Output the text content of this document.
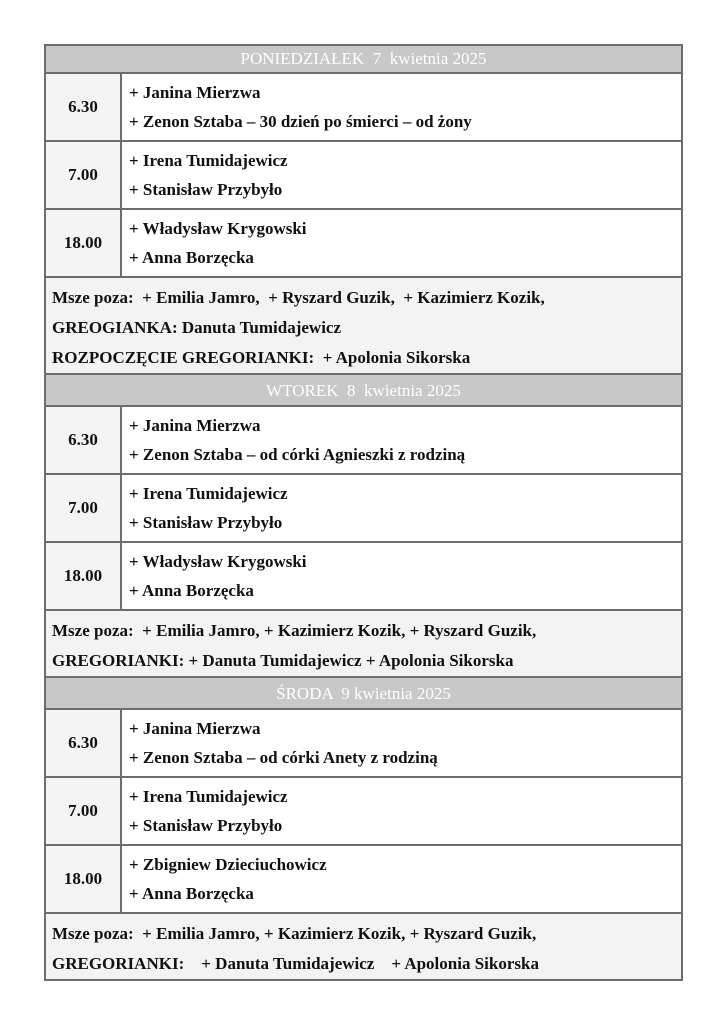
PONIEDZIAŁEK  7  kwietnia 2025
6.30
+ Janina Mierzwa
+ Zenon Sztaba – 30 dzień po śmierci – od żony
7.00
+ Irena Tumidajewicz
+ Stanisław Przybyło
18.00
+ Władysław Krygowski
+ Anna Borzęcka
Msze poza:  + Emilia Jamro,  + Ryszard Guzik,  + Kazimierz Kozik,
GREOGIANKA: Danuta Tumidajewicz
ROZPOCZĘCIE GREGORIANKI:  + Apolonia Sikorska
WTOREK  8  kwietnia 2025
6.30
+ Janina Mierzwa
+ Zenon Sztaba – od córki Agnieszki z rodziną
7.00
+ Irena Tumidajewicz
+ Stanisław Przybyło
18.00
+ Władysław Krygowski
+ Anna Borzęcka
Msze poza:  + Emilia Jamro, + Kazimierz Kozik, + Ryszard Guzik,
GREGORIANKI: + Danuta Tumidajewicz + Apolonia Sikorska
ŚRODA  9 kwietnia 2025
6.30
+ Janina Mierzwa
+ Zenon Sztaba – od córki Anety z rodziną
7.00
+ Irena Tumidajewicz
+ Stanisław Przybyło
18.00
+ Zbigniew Dzieciuchowicz
+ Anna Borzęcka
Msze poza:  + Emilia Jamro, + Kazimierz Kozik, + Ryszard Guzik,
GREGORIANKI:    + Danuta Tumidajewicz    + Apolonia Sikorska
